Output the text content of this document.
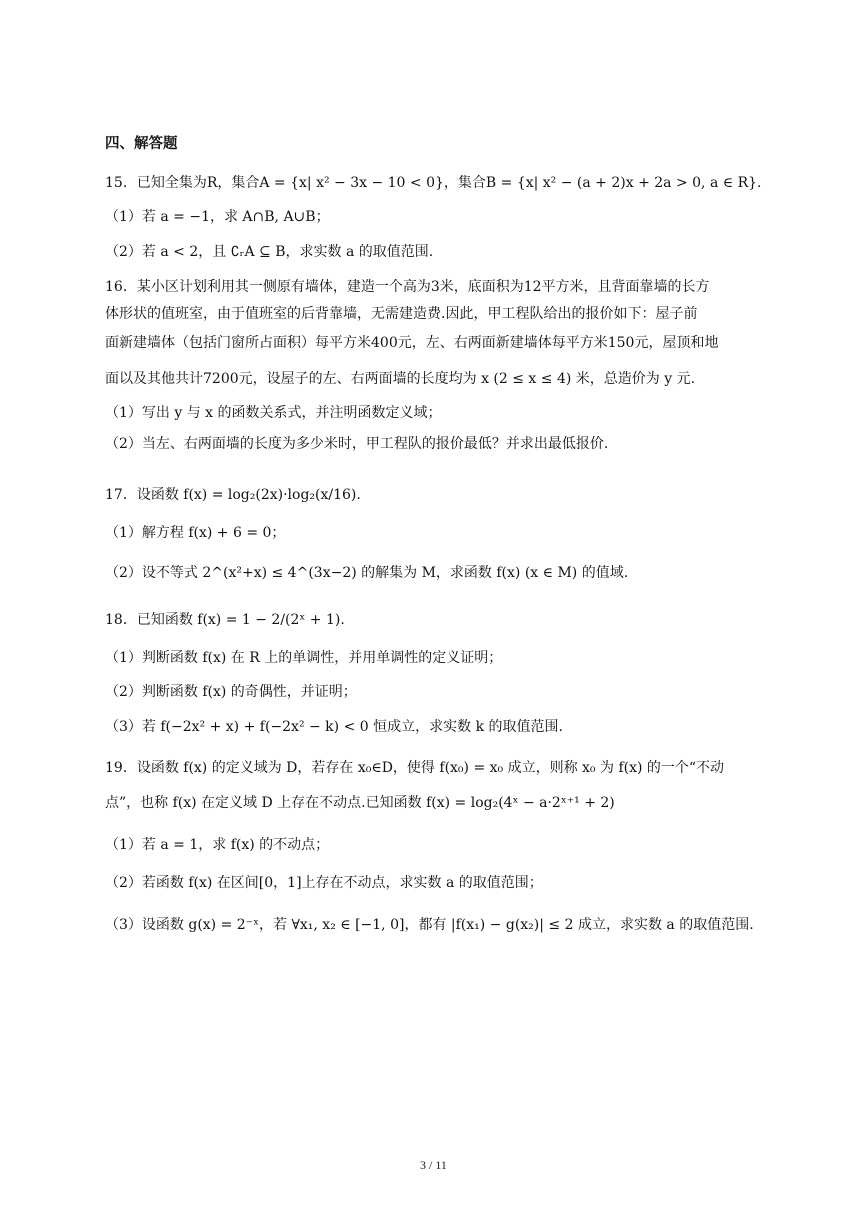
四、解答题
15．已知全集为R，集合A = {x| x² − 3x − 10 < 0}，集合B = {x| x² − (a + 2)x + 2a > 0, a ∈ R}.
（1）若 a = −1，求 A∩B, A∪B；
（2）若 a < 2，且 ∁ᵣA ⊆ B，求实数 a 的取值范围.
16．某小区计划利用其一侧原有墙体，建造一个高为3米，底面积为12平方米，且背面靠墙的长方
体形状的值班室，由于值班室的后背靠墙，无需建造费.因此，甲工程队给出的报价如下：屋子前
面新建墙体（包括门窗所占面积）每平方米400元，左、右两面新建墙体每平方米150元，屋顶和地
面以及其他共计7200元，设屋子的左、右两面墙的长度均为 x (2 ≤ x ≤ 4) 米，总造价为 y 元.
（1）写出 y 与 x 的函数关系式，并注明函数定义域；
（2）当左、右两面墙的长度为多少米时，甲工程队的报价最低？并求出最低报价.
17．设函数 f(x) = log₂(2x)·log₂(x/16).
（1）解方程 f(x) + 6 = 0；
（2）设不等式 2^(x²+x) ≤ 4^(3x−2) 的解集为 M，求函数 f(x) (x ∈ M) 的值域.
18．已知函数 f(x) = 1 − 2/(2ˣ + 1).
（1）判断函数 f(x) 在 R 上的单调性，并用单调性的定义证明；
（2）判断函数 f(x) 的奇偶性，并证明；
（3）若 f(−2x² + x) + f(−2x² − k) < 0 恒成立，求实数 k 的取值范围.
19．设函数 f(x) 的定义域为 D，若存在 x₀∈D，使得 f(x₀) = x₀ 成立，则称 x₀ 为 f(x) 的一个“不动
点”，也称 f(x) 在定义域 D 上存在不动点.已知函数 f(x) = log₂(4ˣ − a·2ˣ⁺¹ + 2)
（1）若 a = 1，求 f(x) 的不动点；
（2）若函数 f(x) 在区间[0，1]上存在不动点，求实数 a 的取值范围；
（3）设函数 g(x) = 2⁻ˣ，若 ∀x₁, x₂ ∈ [−1, 0]，都有 |f(x₁) − g(x₂)| ≤ 2 成立，求实数 a 的取值范围.
3 / 11
